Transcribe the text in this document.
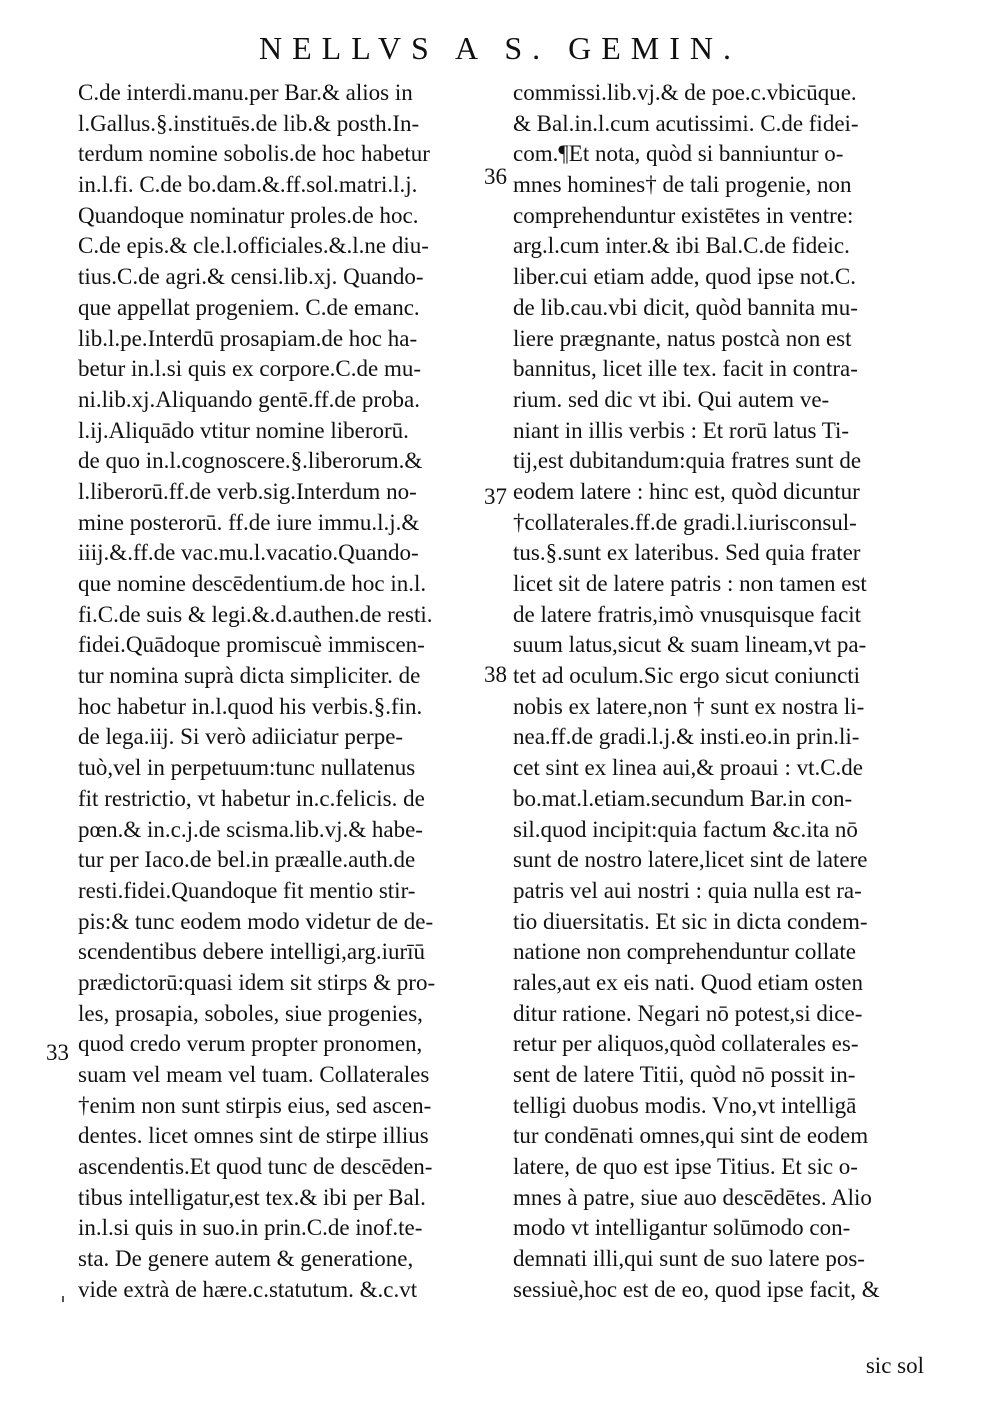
NELLVS A S. GEMIN.
C.de interdi.manu.per Bar.& alios in
l.Gallus.§.instituēs.de lib.& posth.In-
terdum nomine sobolis.de hoc habetur
in.l.fi. C.de bo.dam.&.ff.sol.matri.l.j.
Quandoque nominatur proles.de hoc.
C.de epis.& cle.l.officiales.&.l.ne diu-
tius.C.de agri.& censi.lib.xj. Quando-
que appellat progeniem. C.de emanc.
lib.l.pe.Interdū prosapiam.de hoc ha-
betur in.l.si quis ex corpore.C.de mu-
ni.lib.xj.Aliquando gentē.ff.de proba.
l.ij.Aliquādo vtitur nomine liberorū.
de quo in.l.cognoscere.§.liberorum.&
l.liberorū.ff.de verb.sig.Interdum no-
mine posterorū. ff.de iure immu.l.j.&
iiij.&.ff.de vac.mu.l.vacatio.Quando-
que nomine descēdentium.de hoc in.l.
fi.C.de suis & legi.&.d.authen.de resti.
fidei.Quādoque promiscuè immiscen-
tur nomina suprà dicta simpliciter. de
hoc habetur in.l.quod his verbis.§.fin.
de lega.iij. Si verò adiiciatur perpe-
tuò,vel in perpetuum:tunc nullatenus
fit restrictio, vt habetur in.c.felicis. de
pœn.& in.c.j.de scisma.lib.vj.& habe-
tur per Iaco.de bel.in præalle.auth.de
resti.fidei.Quandoque fit mentio stir-
pis:& tunc eodem modo videtur de de-
scendentibus debere intelligi,arg.iurīū
prædictorū:quasi idem sit stirps & pro-
les, prosapia, soboles, siue progenies,
quod credo verum propter pronomen,
suam vel meam vel tuam. Collaterales
†enim non sunt stirpis eius, sed ascen-
dentes. licet omnes sint de stirpe illius
ascendentis.Et quod tunc de descēden-
tibus intelligatur,est tex.& ibi per Bal.
in.l.si quis in suo.in prin.C.de inof.te-
sta. De genere autem & generatione,
vide extrà de hære.c.statutum. &.c.vt
commissi.lib.vj.& de poe.c.vbicūque.
& Bal.in.l.cum acutissimi. C.de fidei-
com.¶Et nota, quòd si banniuntur o-
mnes homines† de tali progenie, non
comprehenduntur existētes in ventre:
arg.l.cum inter.& ibi Bal.C.de fideic.
liber.cui etiam adde, quod ipse not.C.
de lib.cau.vbi dicit, quòd bannita mu-
liere prægnante, natus postcà non est
bannitus, licet ille tex. facit in contra-
rium. sed dic vt ibi. Qui autem ve-
niant in illis verbis : Et rorū latus Ti-
tij,est dubitandum:quia fratres sunt de
eodem latere : hinc est, quòd dicuntur
†collaterales.ff.de gradi.l.iurisconsul-
tus.§.sunt ex lateribus. Sed quia frater
licet sit de latere patris : non tamen est
de latere fratris,imò vnusquisque facit
suum latus,sicut & suam lineam,vt pa-
tet ad oculum.Sic ergo sicut coniuncti
nobis ex latere,non † sunt ex nostra li-
nea.ff.de gradi.l.j.& insti.eo.in prin.li-
cet sint ex linea aui,& proaui : vt.C.de
bo.mat.l.etiam.secundum Bar.in con-
sil.quod incipit:quia factum &c.ita nō
sunt de nostro latere,licet sint de latere
patris vel aui nostri : quia nulla est ra-
tio diuersitatis. Et sic in dicta condem-
natione non comprehenduntur collate
rales,aut ex eis nati. Quod etiam osten
ditur ratione. Negari nō potest,si dice-
retur per aliquos,quòd collaterales es-
sent de latere Titii, quòd nō possit in-
telligi duobus modis. Vno,vt intelligā
tur condēnati omnes,qui sint de eodem
latere, de quo est ipse Titius. Et sic o-
mnes à patre, siue auo descēdētes. Alio
modo vt intelligantur solūmodo con-
demnati illi,qui sunt de suo latere pos-
sessiuè,hoc est de eo, quod ipse facit, &
33
36
37
38
sic sol
